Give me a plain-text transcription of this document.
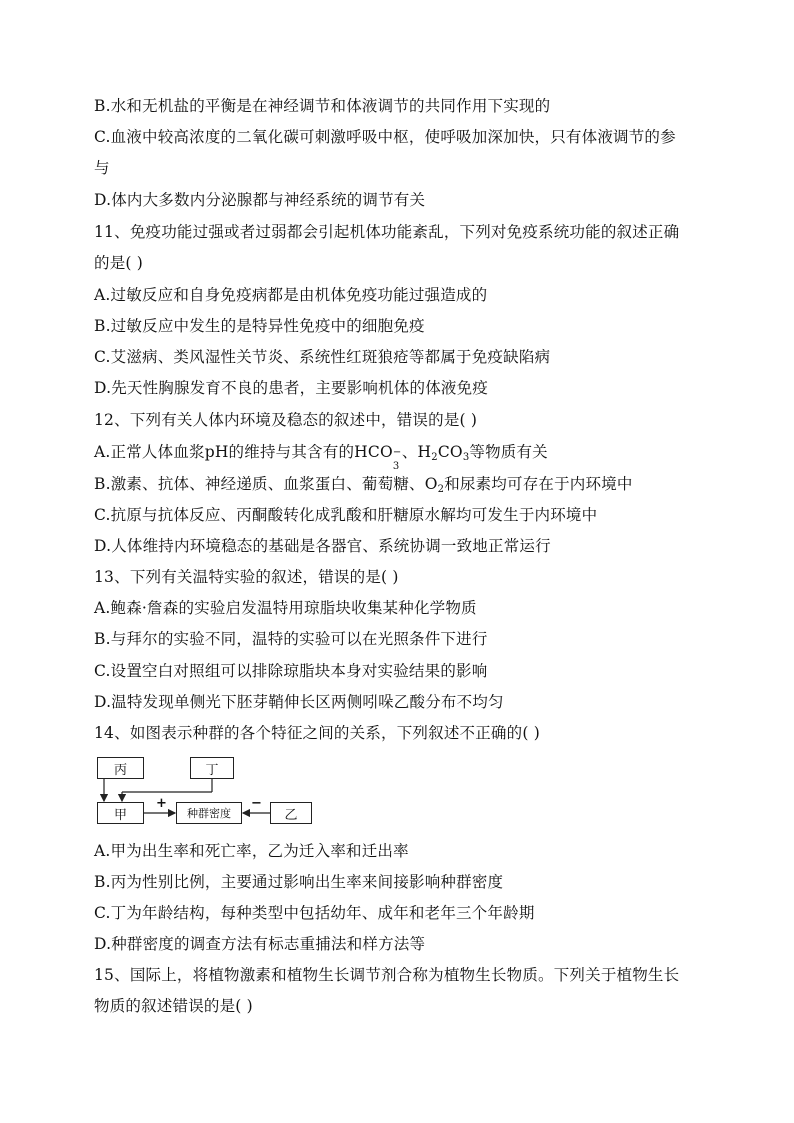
B.水和无机盐的平衡是在神经调节和体液调节的共同作用下实现的
C.血液中较高浓度的二氧化碳可刺激呼吸中枢，使呼吸加深加快，只有体液调节的参
与
D.体内大多数内分泌腺都与神经系统的调节有关
11、免疫功能过强或者过弱都会引起机体功能紊乱，下列对免疫系统功能的叙述正确
的是( )
A.过敏反应和自身免疫病都是由机体免疫功能过强造成的
B.过敏反应中发生的是特异性免疫中的细胞免疫
C.艾滋病、类风湿性关节炎、系统性红斑狼疮等都属于免疫缺陷病
D.先天性胸腺发育不良的患者，主要影响机体的体液免疫
12、下列有关人体内环境及稳态的叙述中，错误的是( )
A.正常人体血浆pH的维持与其含有的HCO −
3
、$H_2CO_3$等物质有关
B.激素、抗体、神经递质、血浆蛋白、葡萄糖、$O_2$和尿素均可存在于内环境中
C.抗原与抗体反应、丙酮酸转化成乳酸和肝糖原水解均可发生于内环境中
D.人体维持内环境稳态的基础是各器官、系统协调一致地正常运行
13、下列有关温特实验的叙述，错误的是( )
A.鲍森·詹森的实验启发温特用琼脂块收集某种化学物质
B.与拜尔的实验不同，温特的实验可以在光照条件下进行
C.设置空白对照组可以排除琼脂块本身对实验结果的影响
D.温特发现单侧光下胚芽鞘伸长区两侧吲哚乙酸分布不均匀
14、如图表示种群的各个特征之间的关系，下列叙述不正确的( )
丙	丁
甲	种群密度	乙
+	−
A.甲为出生率和死亡率，乙为迁入率和迁出率
B.丙为性别比例，主要通过影响出生率来间接影响种群密度
C.丁为年龄结构，每种类型中包括幼年、成年和老年三个年龄期
D.种群密度的调查方法有标志重捕法和样方法等
15、国际上，将植物激素和植物生长调节剂合称为植物生长物质。下列关于植物生长
物质的叙述错误的是( )
